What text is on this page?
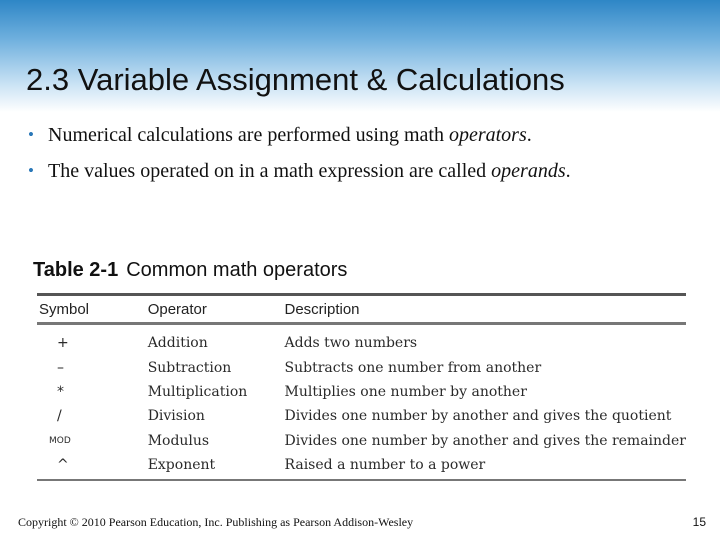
2.3 Variable Assignment & Calculations
• Numerical calculations are performed using math operators.
• The values operated on in a math expression are called operands.
Table 2-1 Common math operators
Symbol	Operator	Description
+	Addition	Adds two numbers
–	Subtraction	Subtracts one number from another
*	Multiplication	Multiplies one number by another
/	Division	Divides one number by another and gives the quotient
MOD	Modulus	Divides one number by another and gives the remainder
^	Exponent	Raised a number to a power
Copyright © 2010 Pearson Education, Inc. Publishing as Pearson Addison-Wesley	15
